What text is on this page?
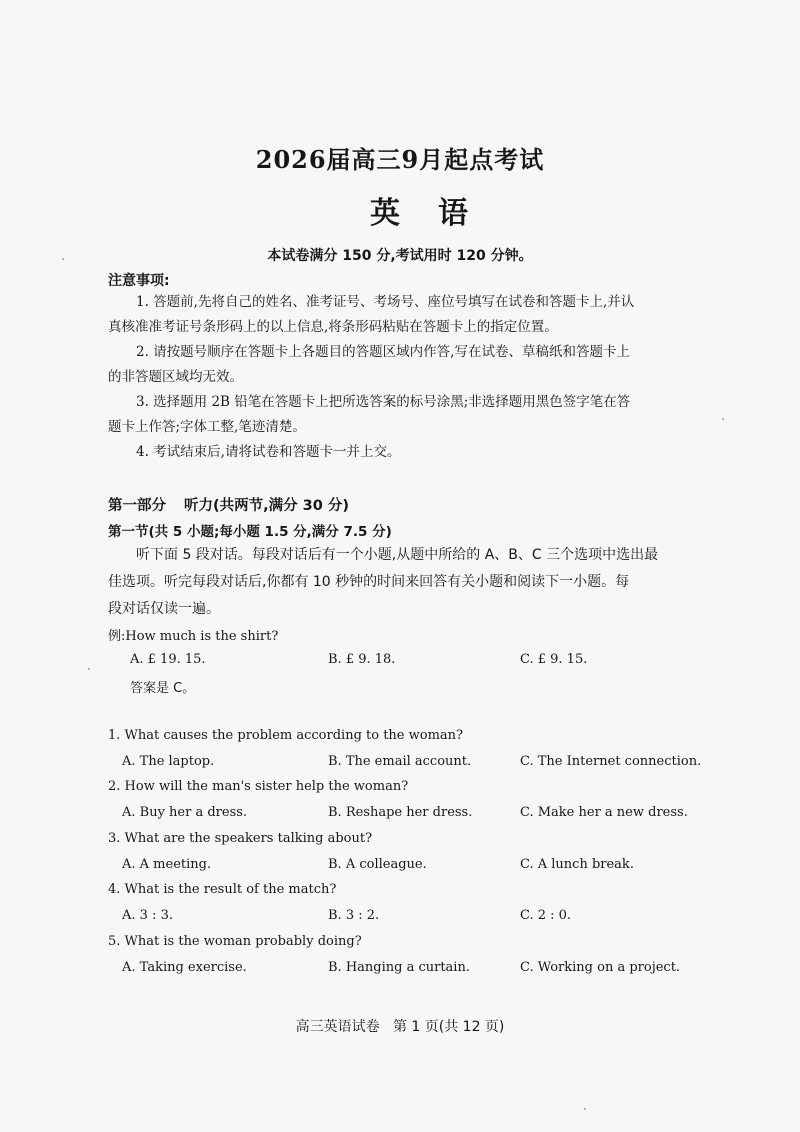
2026届高三9月起点考试
英语
本试卷满分 150 分,考试用时 120 分钟。
注意事项:
1. 答题前,先将自己的姓名、准考证号、考场号、座位号填写在试卷和答题卡上,并认
真核准准考证号条形码上的以上信息,将条形码粘贴在答题卡上的指定位置。
2. 请按题号顺序在答题卡上各题目的答题区域内作答,写在试卷、草稿纸和答题卡上
的非答题区域均无效。
3. 选择题用 2B 铅笔在答题卡上把所选答案的标号涂黑;非选择题用黑色签字笔在答
题卡上作答;字体工整,笔迹清楚。
4. 考试结束后,请将试卷和答题卡一并上交。
第一部分 听力(共两节,满分 30 分)
第一节(共 5 小题;每小题 1.5 分,满分 7.5 分)
听下面 5 段对话。每段对话后有一个小题,从题中所给的 A、B、C 三个选项中选出最
佳选项。听完每段对话后,你都有 10 秒钟的时间来回答有关小题和阅读下一小题。每
段对话仅读一遍。
例:How much is the shirt?
A. £ 19. 15.	B. £ 9. 18.	C. £ 9. 15.
答案是 C。
1. What causes the problem according to the woman?
A. The laptop.	B. The email account.	C. The Internet connection.
2. How will the man's sister help the woman?
A. Buy her a dress.	B. Reshape her dress.	C. Make her a new dress.
3. What are the speakers talking about?
A. A meeting.	B. A colleague.	C. A lunch break.
4. What is the result of the match?
A. 3 : 3.	B. 3 : 2.	C. 2 : 0.
5. What is the woman probably doing?
A. Taking exercise.	B. Hanging a curtain.	C. Working on a project.
高三英语试卷   第 1 页(共 12 页)
